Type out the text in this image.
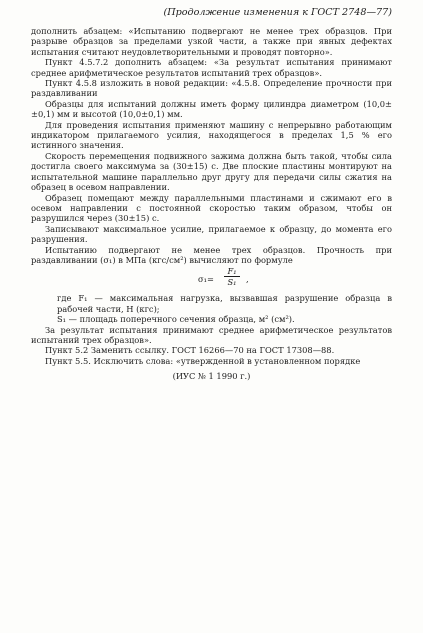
(Продолжение изменения к ГОСТ 2748—77)

дополнить абзацем: «Испытанию подвергают не менее трех образцов. При разрыве образцов за пределами узкой части, а также при явных дефектах испытания считают неудовлетворительными и проводят повторно».

Пункт 4.5.7.2 дополнить абзацем: «За результат испытания принимают среднее арифметическое результатов испытаний трех образцов».

Пункт 4.5.8 изложить в новой редакции: «4.5.8. Определение прочности при раздавливании

Образцы для испытаний должны иметь форму цилиндра диаметром (10,0±±0,1) мм и высотой (10,0±0,1) мм.

Для проведения испытания применяют машину с непрерывно работающим индикатором прилагаемого усилия, находящегося в пределах 1,5 % его истинного значения.

Скорость перемещения подвижного зажима должна быть такой, чтобы сила достигла своего максимума за (30±15) с. Две плоские пластины монтируют на испытательной машине параллельно друг другу для передачи силы сжатия на образец в осевом направлении.

Образец помещают между параллельными пластинами и сжимают его в осевом направлении с постоянной скоростью таким образом, чтобы он разрушился через (30±15) с.

Записывают максимальное усилие, прилагаемое к образцу, до момента его разрушения.

Испытанию подвергают не менее трех образцов. Прочность при раздавливании (σ₁) в МПа (кгс/см²) вычисляют по формуле

$\sigma_1= \frac{\text{F₁}}{\text{S₁}}$ ,

где F₁ — максимальная нагрузка, вызвавшая разрушение образца в рабочей части, Н (кгс);

S₁ — площадь поперечного сечения образца, м² (см²).

За результат испытания принимают среднее арифметическое результатов испытаний трех образцов».

Пункт 5.2 Заменить ссылку. ГОСТ 16266—70 на ГОСТ 17308—88.

Пункт 5.5. Исключить слова: «утвержденной в установленном порядке

(ИУС № 1 1990 г.)
